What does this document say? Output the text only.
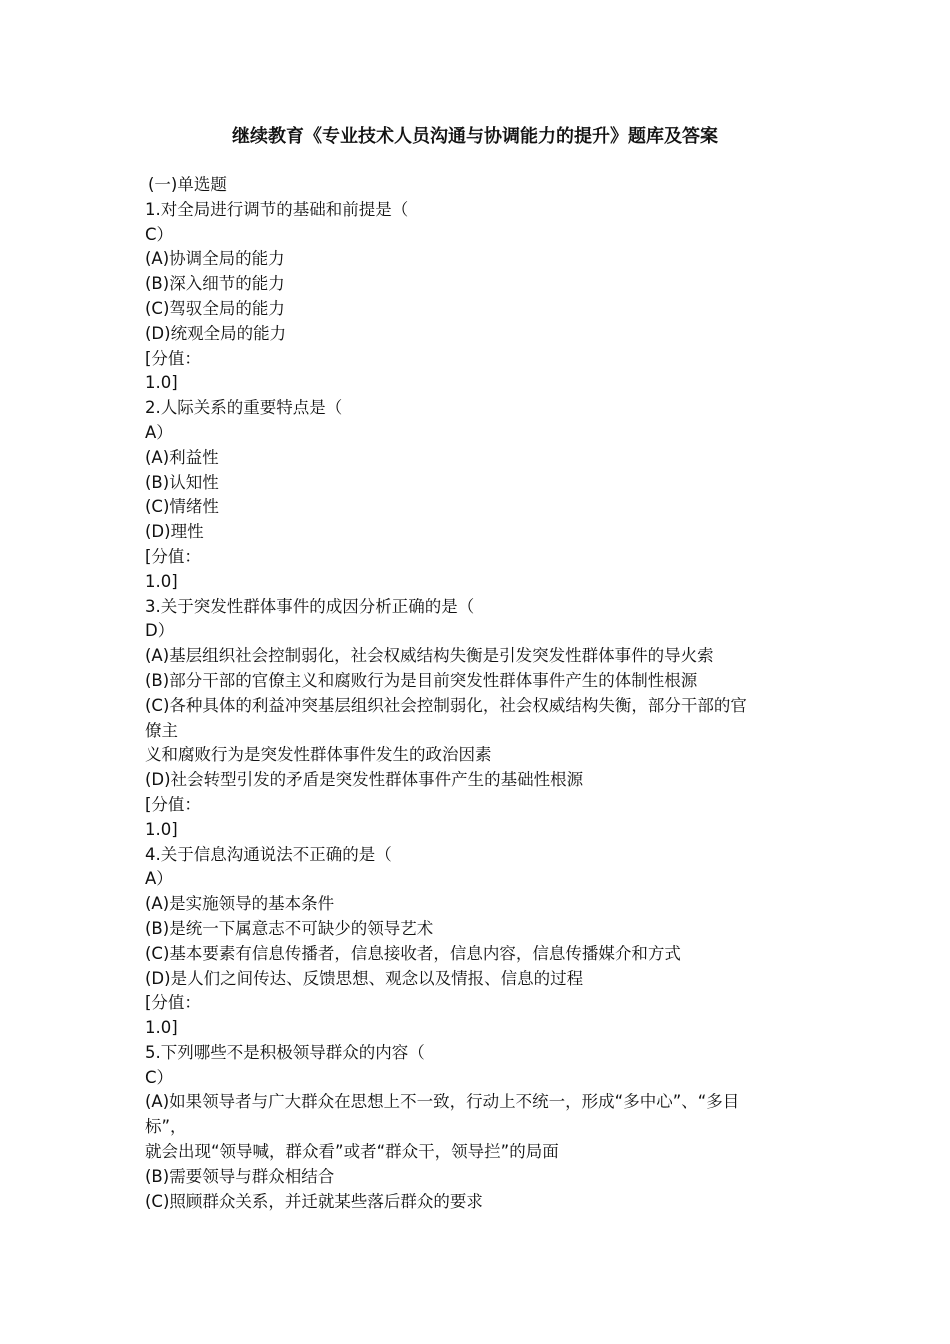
继续教育《专业技术人员沟通与协调能力的提升》题库及答案
(一)单选题
1.对全局进行调节的基础和前提是（
C）
(A)协调全局的能力
(B)深入细节的能力
(C)驾驭全局的能力
(D)统观全局的能力
[分值：
1.0]
2.人际关系的重要特点是（
A）
(A)利益性
(B)认知性
(C)情绪性
(D)理性
[分值：
1.0]
3.关于突发性群体事件的成因分析正确的是（
D）
(A)基层组织社会控制弱化，社会权威结构失衡是引发突发性群体事件的导火索
(B)部分干部的官僚主义和腐败行为是目前突发性群体事件产生的体制性根源
(C)各种具体的利益冲突基层组织社会控制弱化，社会权威结构失衡，部分干部的官
僚主
义和腐败行为是突发性群体事件发生的政治因素
(D)社会转型引发的矛盾是突发性群体事件产生的基础性根源
[分值：
1.0]
4.关于信息沟通说法不正确的是（
A）
(A)是实施领导的基本条件
(B)是统一下属意志不可缺少的领导艺术
(C)基本要素有信息传播者，信息接收者，信息内容，信息传播媒介和方式
(D)是人们之间传达、反馈思想、观念以及情报、信息的过程
[分值：
1.0]
5.下列哪些不是积极领导群众的内容（
C）
(A)如果领导者与广大群众在思想上不一致，行动上不统一，形成“多中心”、“多目
标”，
就会出现“领导喊，群众看”或者“群众干，领导拦”的局面
(B)需要领导与群众相结合
(C)照顾群众关系，并迁就某些落后群众的要求
